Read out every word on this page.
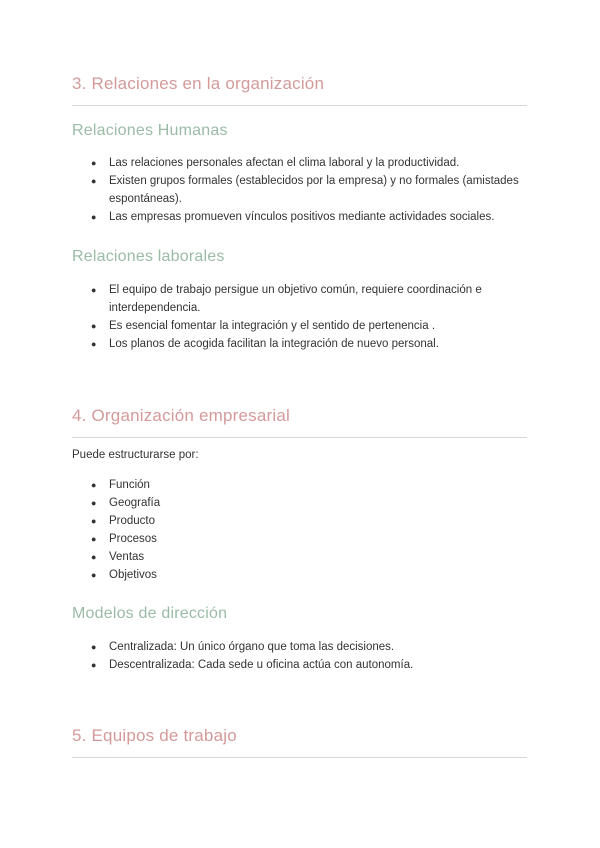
3. Relaciones en la organización
Relaciones Humanas
● Las relaciones personales afectan el clima laboral y la productividad.
● Existen grupos formales (establecidos por la empresa) y no formales (amistades espontáneas).
● Las empresas promueven vínculos positivos mediante actividades sociales.
Relaciones laborales
● El equipo de trabajo persigue un objetivo común, requiere coordinación e interdependencia.
● Es esencial fomentar la integración y el sentido de pertenencia .
● Los planos de acogida facilitan la integración de nuevo personal.
4. Organización empresarial

Puede estructurarse por:

● Función
● Geografía
● Producto
● Procesos
● Ventas
● Objetivos
Modelos de dirección
● Centralizada: Un único órgano que toma las decisiones.
● Descentralizada: Cada sede u oficina actúa con autonomía.
5. Equipos de trabajo
